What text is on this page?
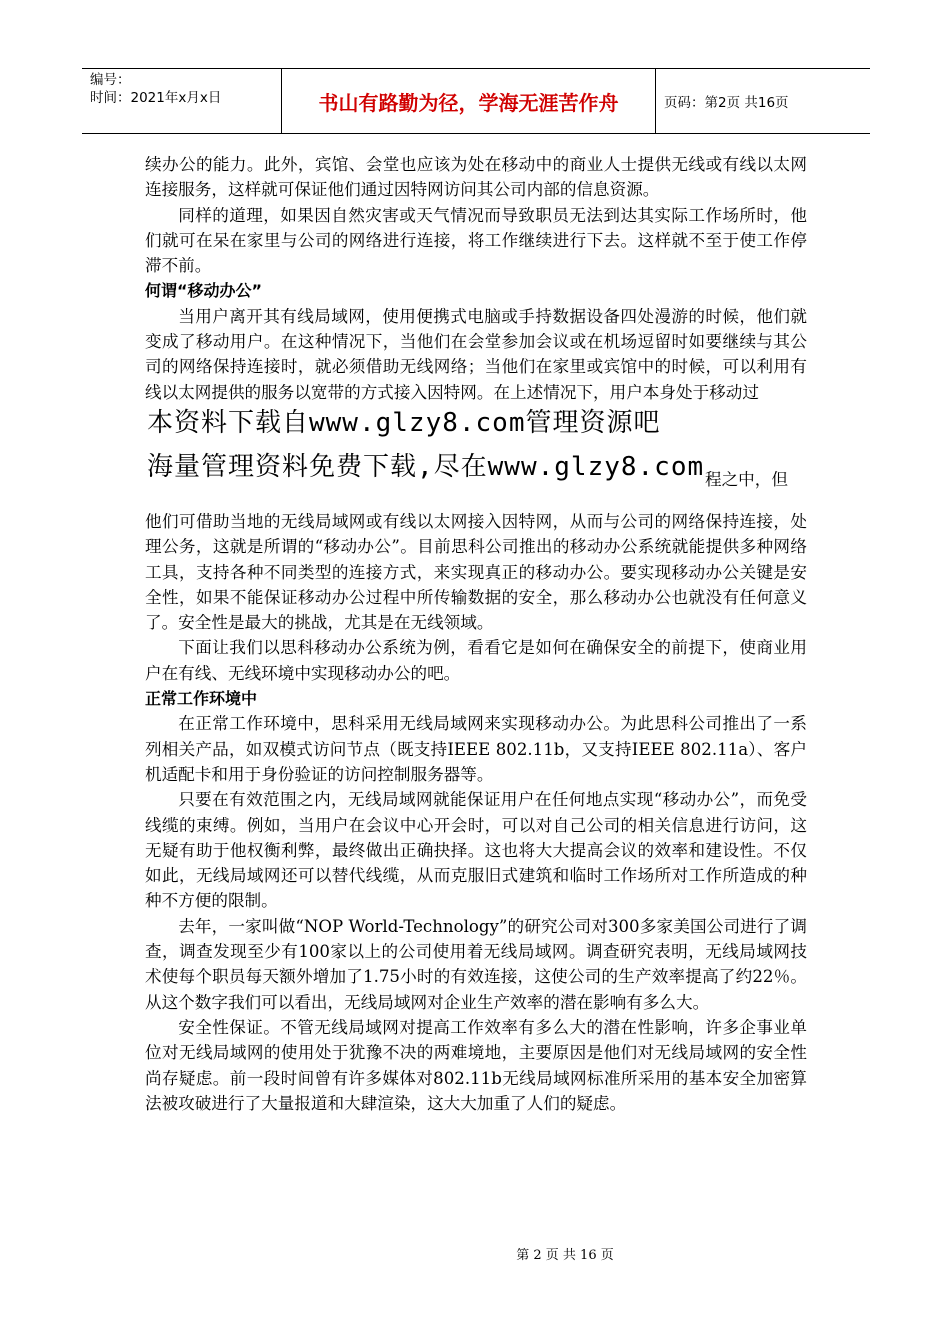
编号：
时间：2021年x月x日	书山有路勤为径，学海无涯苦作舟	页码：第2页 共16页

续办公的能力。此外，宾馆、会堂也应该为处在移动中的商业人士提供无线或有线以太网连接服务，这样就可保证他们通过因特网访问其公司内部的信息资源。

同样的道理，如果因自然灾害或天气情况而导致职员无法到达其实际工作场所时，他们就可在呆在家里与公司的网络进行连接，将工作继续进行下去。这样就不至于使工作停滞不前。

何谓“移动办公”

当用户离开其有线局域网，使用便携式电脑或手持数据设备四处漫游的时候，他们就变成了移动用户。在这种情况下，当他们在会堂参加会议或在机场逗留时如要继续与其公司的网络保持连接时，就必须借助无线网络；当他们在家里或宾馆中的时候，可以利用有线以太网提供的服务以宽带的方式接入因特网。在上述情况下，用户本身处于移动过

本资料下载自www.glzy8.com管理资源吧
海量管理资料免费下载,尽在www.glzy8.com 程之中，但

他们可借助当地的无线局域网或有线以太网接入因特网，从而与公司的网络保持连接，处理公务，这就是所谓的“移动办公”。目前思科公司推出的移动办公系统就能提供多种网络工具，支持各种不同类型的连接方式，来实现真正的移动办公。要实现移动办公关键是安全性，如果不能保证移动办公过程中所传输数据的安全，那么移动办公也就没有任何意义了。安全性是最大的挑战，尤其是在无线领域。

下面让我们以思科移动办公系统为例，看看它是如何在确保安全的前提下，使商业用户在有线、无线环境中实现移动办公的吧。

正常工作环境中

在正常工作环境中，思科采用无线局域网来实现移动办公。为此思科公司推出了一系列相关产品，如双模式访问节点（既支持IEEE 802.11b，又支持IEEE 802.11a）、客户机适配卡和用于身份验证的访问控制服务器等。

只要在有效范围之内，无线局域网就能保证用户在任何地点实现“移动办公”，而免受线缆的束缚。例如，当用户在会议中心开会时，可以对自己公司的相关信息进行访问，这无疑有助于他权衡利弊，最终做出正确抉择。这也将大大提高会议的效率和建设性。不仅如此，无线局域网还可以替代线缆，从而克服旧式建筑和临时工作场所对工作所造成的种种不方便的限制。

去年，一家叫做“NOP World-Technology”的研究公司对300多家美国公司进行了调查，调查发现至少有100家以上的公司使用着无线局域网。调查研究表明，无线局域网技术使每个职员每天额外增加了1.75小时的有效连接，这使公司的生产效率提高了约22％。从这个数字我们可以看出，无线局域网对企业生产效率的潜在影响有多么大。

安全性保证。不管无线局域网对提高工作效率有多么大的潜在性影响，许多企事业单位对无线局域网的使用处于犹豫不决的两难境地，主要原因是他们对无线局域网的安全性尚存疑虑。前一段时间曾有许多媒体对802.11b无线局域网标准所采用的基本安全加密算法被攻破进行了大量报道和大肆渲染，这大大加重了人们的疑虑。

第 2 页 共 16 页
